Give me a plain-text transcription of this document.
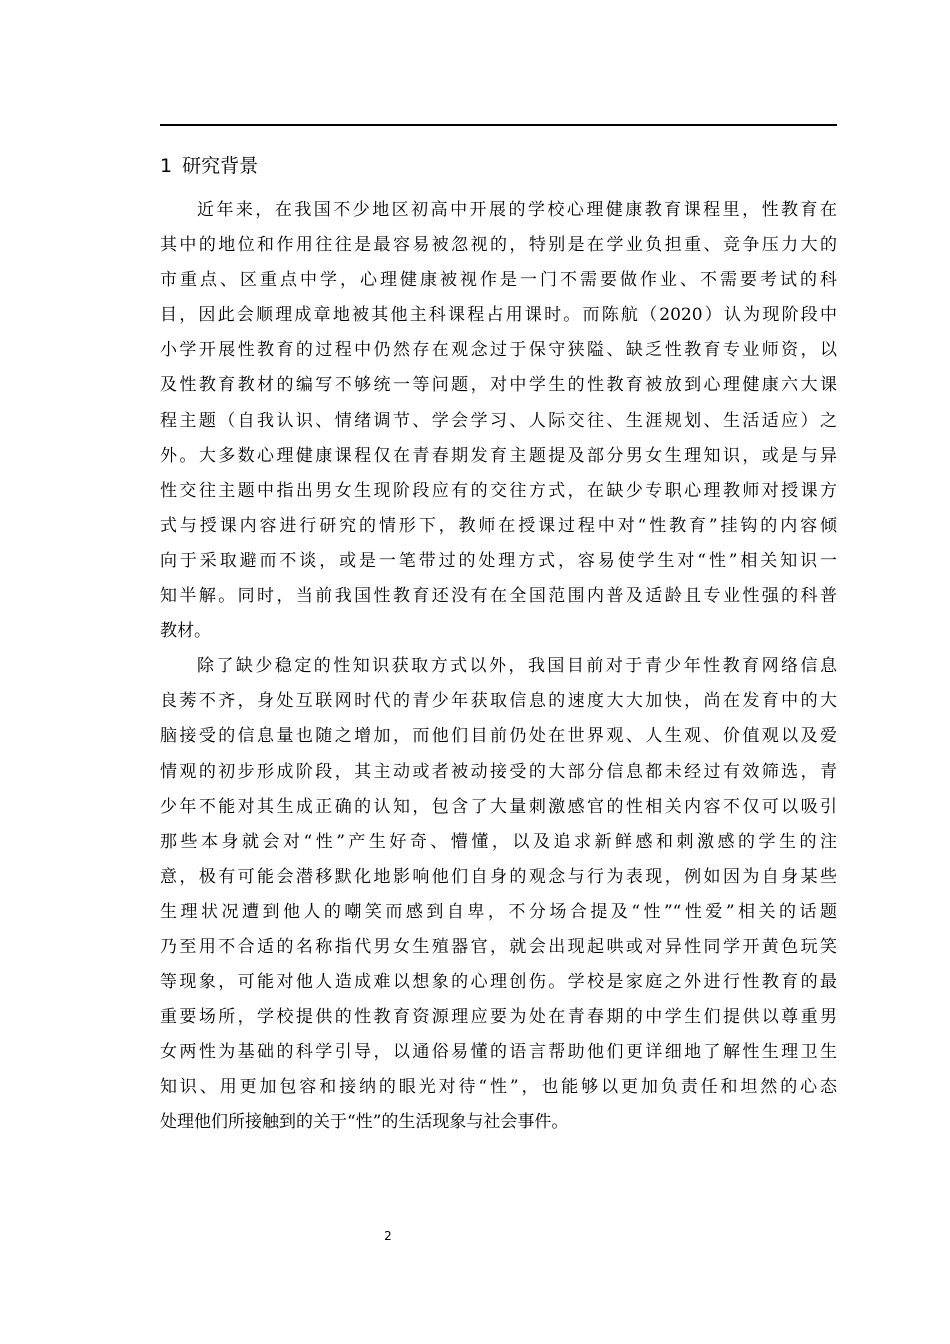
1 研究背景
近年来，在我国不少地区初高中开展的学校心理健康教育课程里，性教育在
其中的地位和作用往往是最容易被忽视的，特别是在学业负担重、竞争压力大的
市重点、区重点中学，心理健康被视作是一门不需要做作业、不需要考试的科
目，因此会顺理成章地被其他主科课程占用课时。而陈航（2020）认为现阶段中
小学开展性教育的过程中仍然存在观念过于保守狭隘、缺乏性教育专业师资，以
及性教育教材的编写不够统一等问题，对中学生的性教育被放到心理健康六大课
程主题（自我认识、情绪调节、学会学习、人际交往、生涯规划、生活适应）之
外。大多数心理健康课程仅在青春期发育主题提及部分男女生理知识，或是与异
性交往主题中指出男女生现阶段应有的交往方式，在缺少专职心理教师对授课方
式与授课内容进行研究的情形下，教师在授课过程中对“性教育”挂钩的内容倾
向于采取避而不谈，或是一笔带过的处理方式，容易使学生对“性”相关知识一
知半解。同时，当前我国性教育还没有在全国范围内普及适龄且专业性强的科普
教材。
除了缺少稳定的性知识获取方式以外，我国目前对于青少年性教育网络信息
良莠不齐，身处互联网时代的青少年获取信息的速度大大加快，尚在发育中的大
脑接受的信息量也随之增加，而他们目前仍处在世界观、人生观、价值观以及爱
情观的初步形成阶段，其主动或者被动接受的大部分信息都未经过有效筛选，青
少年不能对其生成正确的认知，包含了大量刺激感官的性相关内容不仅可以吸引
那些本身就会对“性”产生好奇、懵懂，以及追求新鲜感和刺激感的学生的注
意，极有可能会潜移默化地影响他们自身的观念与行为表现，例如因为自身某些
生理状况遭到他人的嘲笑而感到自卑，不分场合提及“性”“性爱”相关的话题
乃至用不合适的名称指代男女生殖器官，就会出现起哄或对异性同学开黄色玩笑
等现象，可能对他人造成难以想象的心理创伤。学校是家庭之外进行性教育的最
重要场所，学校提供的性教育资源理应要为处在青春期的中学生们提供以尊重男
女两性为基础的科学引导，以通俗易懂的语言帮助他们更详细地了解性生理卫生
知识、用更加包容和接纳的眼光对待“性”，也能够以更加负责任和坦然的心态
处理他们所接触到的关于“性”的生活现象与社会事件。
2
